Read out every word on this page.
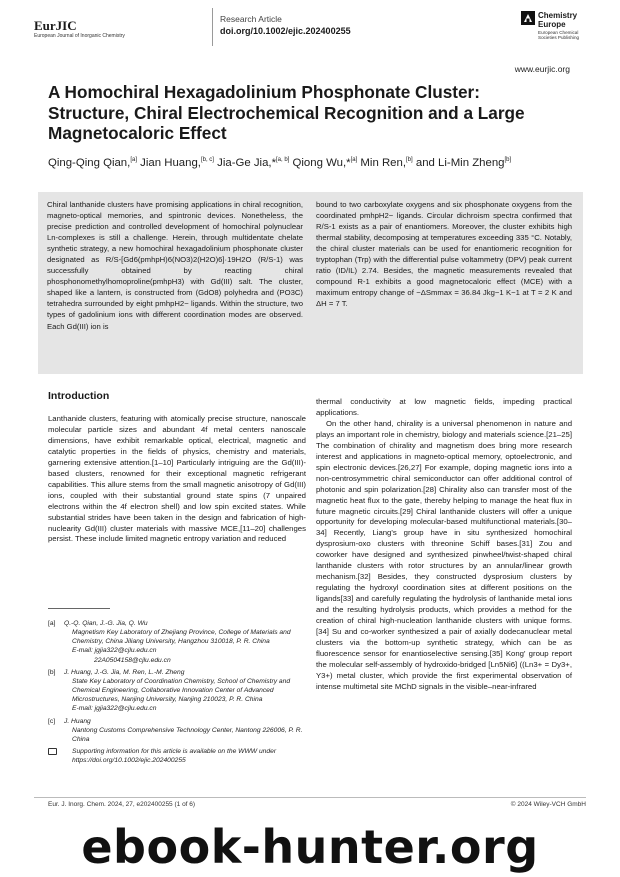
EurJIC
European Journal of Inorganic Chemistry
Research Article
doi.org/10.1002/ejic.202400255
Chemistry Europe
European Chemical Societies Publishing
www.eurjic.org
A Homochiral Hexagadolinium Phosphonate Cluster: Structure, Chiral Electrochemical Recognition and a Large Magnetocaloric Effect
Qing-Qing Qian,[a] Jian Huang,[b, c] Jia-Ge Jia,*[a, b] Qiong Wu,*[a] Min Ren,[b] and Li-Min Zheng[b]
Chiral lanthanide clusters have promising applications in chiral recognition, magneto-optical memories, and spintronic devices. Nonetheless, the precise prediction and controlled development of homochiral polynuclear Ln-complexes is still a challenge. Herein, through multidentate chelate synthetic strategy, a new homochiral hexagadolinium phosphonate cluster designated as R/S-[Gd6(pmhpH)6(NO3)2(H2O)6]·19H2O (R/S-1) was successfully obtained by reacting chiral phosphonomethylhomoproline(pmhpH3) with Gd(III) salt. The cluster, shaped like a lantern, is constructed from (GdO8) polyhedra and (PO3C) tetrahedra surrounded by eight pmhpH2− ligands. Within the structure, two types of gadolinium ions with different coordination modes are observed. Each Gd(III) ion is
bound to two carboxylate oxygens and six phosphonate oxygens from the coordinated pmhpH2− ligands. Circular dichroism spectra confirmed that R/S-1 exists as a pair of enantiomers. Moreover, the cluster exhibits high thermal stability, decomposing at temperatures exceeding 335 °C. Notably, the chiral cluster materials can be used for enantiomeric recognition for tryptophan (Trp) with the differential pulse voltammetry (DPV) peak current ratio (ID/IL) 2.74. Besides, the magnetic measurements revealed that compound R-1 exhibits a good magnetocaloric effect (MCE) with a maximum entropy change of −ΔSmmax = 36.84 Jkg−1 K−1 at T = 2 K and ΔH = 7 T.
Introduction

Lanthanide clusters, featuring with atomically precise structure, nanoscale molecular particle sizes and abundant 4f metal centers nanoscale dimensions, have exhibit remarkable optical, electrical, magnetic and catalytic properties in the fields of physics, chemistry and materials, garnering extensive attention.[1–10] Particularly intriguing are the Gd(III)-based clusters, renowned for their exceptional magnetic refrigerant capabilities. This allure stems from the small magnetic anisotropy of Gd(III) ions, coupled with their substantial ground state spins (7 unpaired electrons within the 4f electron shell) and low spin excited states. While substantial strides have been taken in the design and fabrication of high-nuclearity Gd(III) cluster materials with massive MCE,[11–20] challenges persist. These include limited magnetic entropy variation and reduced

thermal conductivity at low magnetic fields, impeding practical applications.

On the other hand, chirality is a universal phenomenon in nature and plays an important role in chemistry, biology and materials science.[21–25] The combination of chirality and magnetism does bring more research interest and applications in magneto-optical memory, optoelectronic, and spin electronic devices.[26,27] For example, doping magnetic ions into a non-centrosymmetric chiral semiconductor can offer additional control of photonic and spin polarization.[28] Chirality also can transfer most of the magnetic heat flux to the gate, thereby helping to manage the heat flux in future magnetic circuits.[29] Chiral lanthanide clusters will offer a unique opportunity for developing molecular-based multifunctional materials.[30–34] Recently, Liang's group have in situ synthesized homochiral dysprosium-oxo clusters with threonine Schiff bases.[31] Zou and coworker have designed and synthesized pinwheel/twist-shaped chiral lanthanide clusters with rotor structures by an annular/linear growth mechanism.[32] Besides, they constructed dysprosium clusters by regulating the hydroxyl coordination sites at different positions on the ligands[33] and carefully regulating the hydrolysis of lanthanide metal ions and the resulting hydrolysis products, which provides a method for the creation of chiral high-nucleation lanthanide clusters with unique forms.[34] Su and co-worker synthesized a pair of axially dodecanuclear metal clusters via the bottom-up synthetic strategy, which can be as fluorescence sensor for enantioselective sensing.[35] Kong' group report the molecular self-assembly of hydroxido-bridged [Ln5Ni6] ((Ln3+ = Dy3+, Y3+) metal cluster, which provide the first experimental observation of intense multimetal site MChD signals in the visible–near-infrared

[a] Q.-Q. Qian, J.-G. Jia, Q. Wu
Magnetism Key Laboratory of Zhejiang Province, College of Materials and Chemistry, China Jiliang University, Hangzhou 310018, P. R. China
E-mail: jgjia322@cjlu.edu.cn
22A0504158@cjlu.edu.cn
[b] J. Huang, J.-G. Jia, M. Ren, L.-M. Zheng
State Key Laboratory of Coordination Chemistry, School of Chemistry and Chemical Engineering, Collaborative Innovation Center of Advanced Microstructures, Nanjing University, Nanjing 210023, P. R. China
E-mail: jgjia322@cjlu.edu.cn
[c] J. Huang
Nantong Customs Comprehensive Technology Center, Nantong 226006, P. R. China
Supporting information for this article is available on the WWW under https://doi.org/10.1002/ejic.202400255
Eur. J. Inorg. Chem. 2024, 27, e202400255 (1 of 6)	© 2024 Wiley-VCH GmbH
ebook-hunter.org
